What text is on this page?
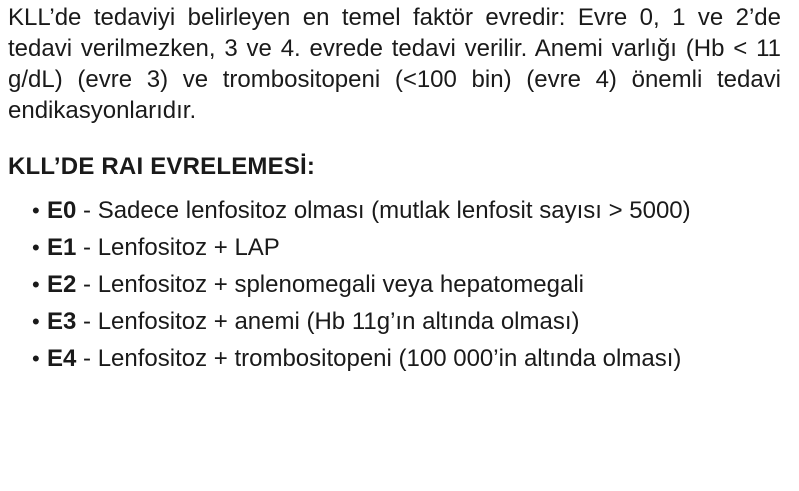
KLL’de tedaviyi belirleyen en temel faktör evredir: Evre 0, 1 ve 2’de tedavi verilmezken, 3 ve 4. evrede tedavi verilir. Anemi varlığı (Hb < 11 g/dL) (evre 3) ve trombositopeni (<100 bin) (evre 4) önemli tedavi endikasyonlarıdır.

KLL’DE RAI EVRELEMESİ:
• E0 - Sadece lenfositoz olması (mutlak lenfosit sayısı > 5000)
• E1 - Lenfositoz + LAP
• E2 - Lenfositoz + splenomegali veya hepatomegali
• E3 - Lenfositoz + anemi (Hb 11g’ın altında olması)
• E4 - Lenfositoz + trombositopeni (100 000’in altında olması)
